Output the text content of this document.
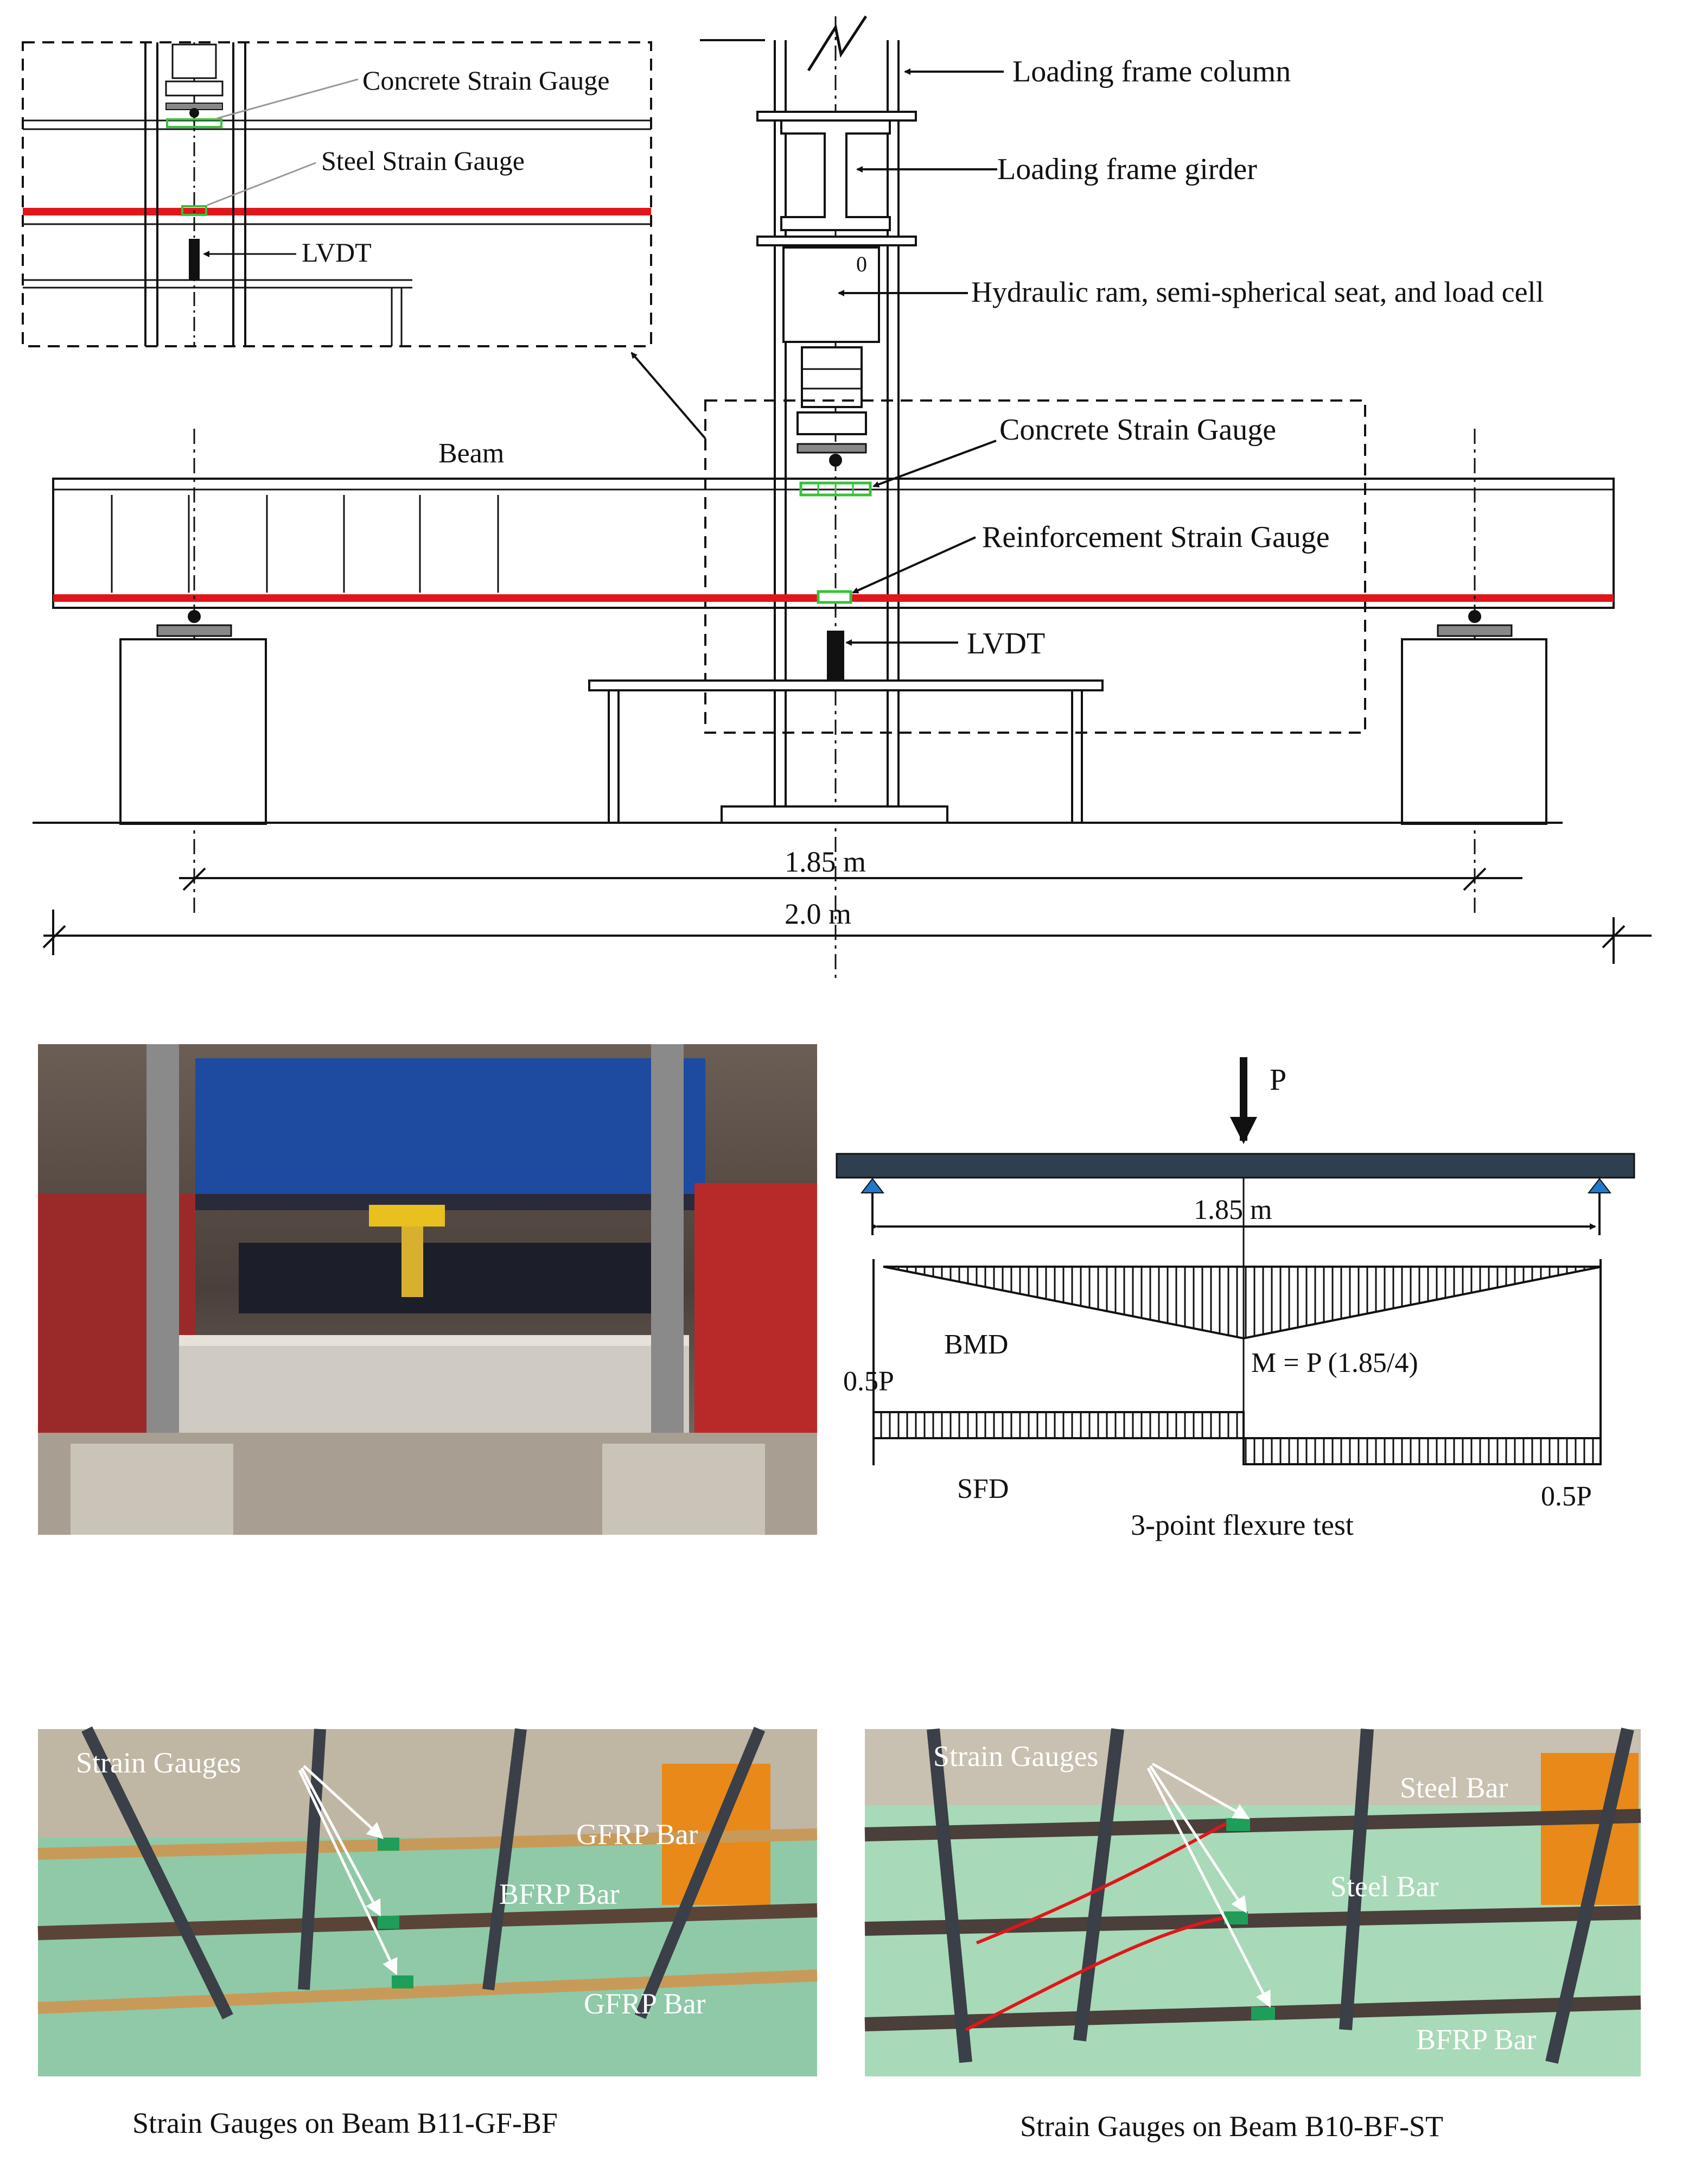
Concrete Strain Gauge
Steel Strain Gauge
LVDT	0
Beam
Loading frame column
Loading frame girder
Hydraulic ram, semi-spherical seat, and load cell
Concrete Strain Gauge
Reinforcement Strain Gauge
LVDT
1.85 m
2.0 m
P
1.85 m
BMD
M = P (1.85/4)
0.5P
SFD	0.5P
3-point flexure test
Strain Gauges
GFRP Bar
BFRP Bar
GFRP Bar
Strain Gauges
Steel Bar
Steel Bar
BFRP Bar
Strain Gauges on Beam B11-GF-BF	Strain Gauges on Beam B10-BF-ST
